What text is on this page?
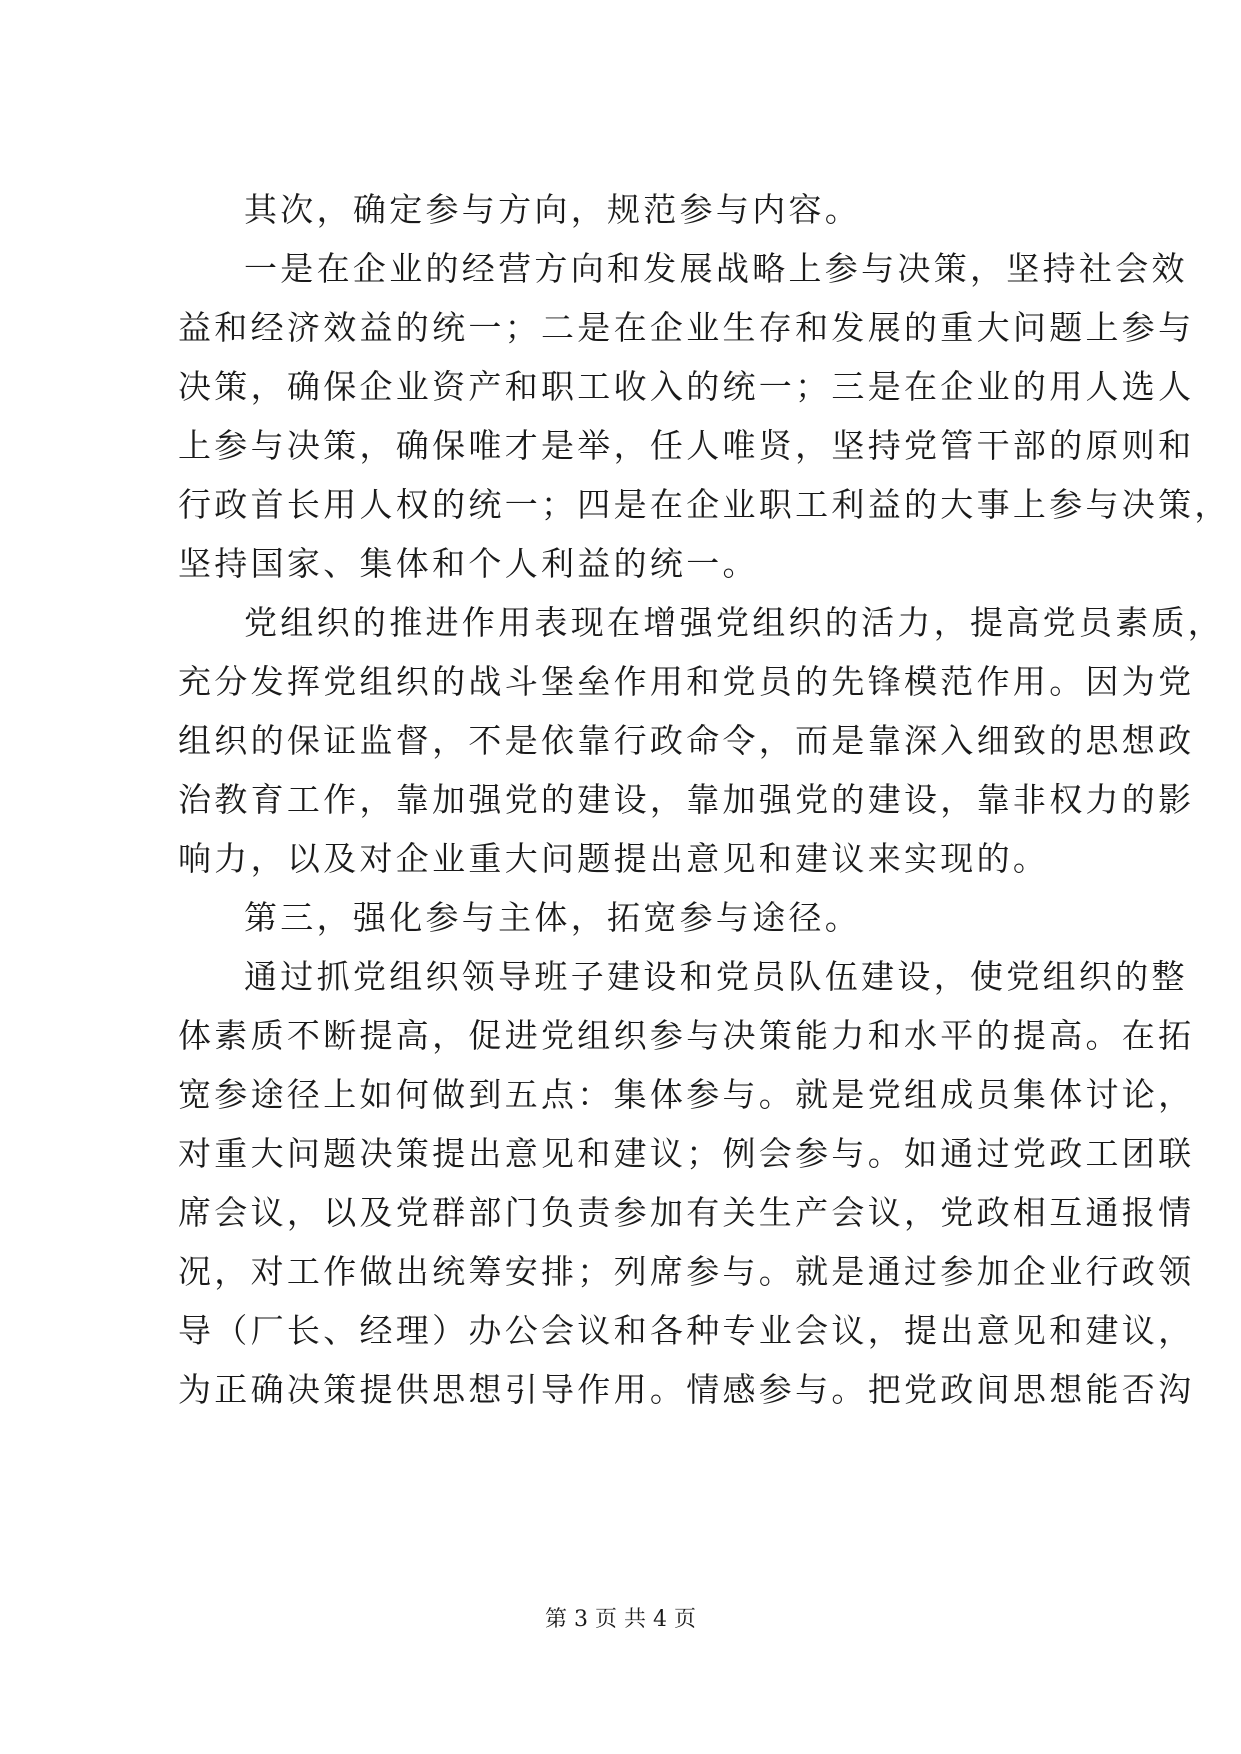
其次，确定参与方向，规范参与内容。
一是在企业的经营方向和发展战略上参与决策，坚持社会效
益和经济效益的统一；二是在企业生存和发展的重大问题上参与
决策，确保企业资产和职工收入的统一；三是在企业的用人选人
上参与决策，确保唯才是举，任人唯贤，坚持党管干部的原则和
行政首长用人权的统一；四是在企业职工利益的大事上参与决策，
坚持国家、集体和个人利益的统一。
党组织的推进作用表现在增强党组织的活力，提高党员素质，
充分发挥党组织的战斗堡垒作用和党员的先锋模范作用。因为党
组织的保证监督，不是依靠行政命令，而是靠深入细致的思想政
治教育工作，靠加强党的建设，靠加强党的建设，靠非权力的影
响力，以及对企业重大问题提出意见和建议来实现的。
第三，强化参与主体，拓宽参与途径。
通过抓党组织领导班子建设和党员队伍建设，使党组织的整
体素质不断提高，促进党组织参与决策能力和水平的提高。在拓
宽参途径上如何做到五点：集体参与。就是党组成员集体讨论，
对重大问题决策提出意见和建议；例会参与。如通过党政工团联
席会议，以及党群部门负责参加有关生产会议，党政相互通报情
况，对工作做出统筹安排；列席参与。就是通过参加企业行政领
导（厂长、经理）办公会议和各种专业会议，提出意见和建议，
为正确决策提供思想引导作用。情感参与。把党政间思想能否沟
第 3 页 共 4 页
